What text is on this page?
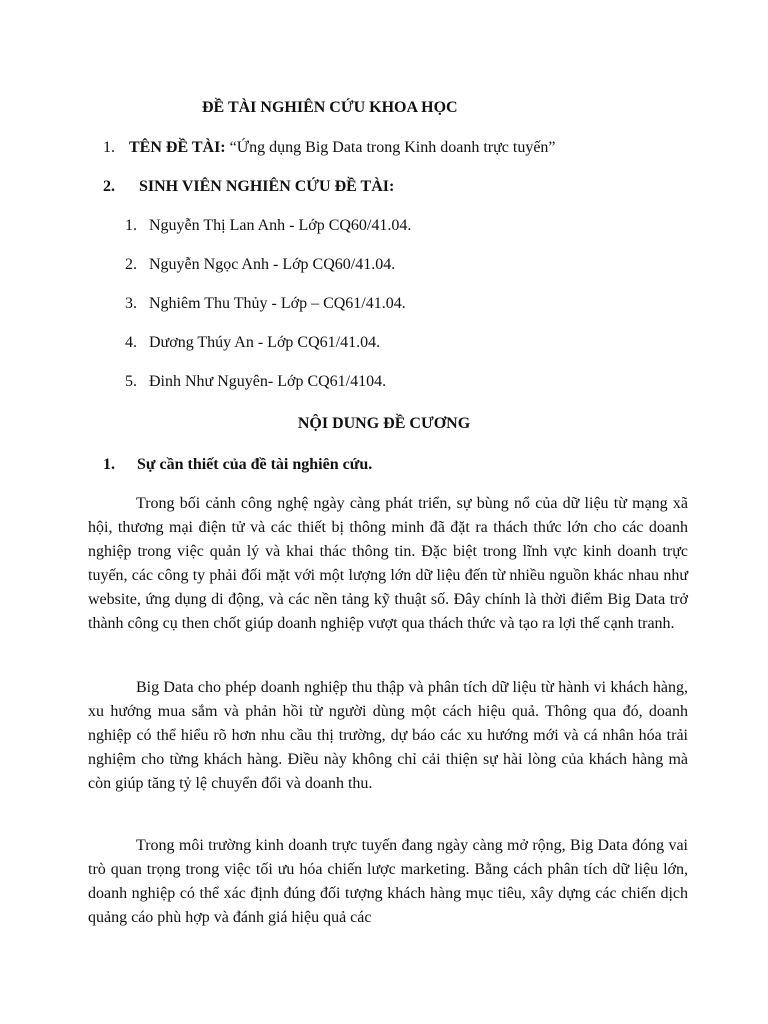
ĐỀ TÀI NGHIÊN CỨU KHOA HỌC
1. TÊN ĐỀ TÀI: “Ứng dụng Big Data trong Kinh doanh trực tuyến”
2. SINH VIÊN NGHIÊN CỨU ĐỀ TÀI:
1. Nguyễn Thị Lan Anh - Lớp CQ60/41.04.
2. Nguyễn Ngọc Anh - Lớp CQ60/41.04.
3. Nghiêm Thu Thủy - Lớp – CQ61/41.04.
4. Dương Thúy An - Lớp CQ61/41.04.
5. Đinh Như Nguyên- Lớp CQ61/4104.
NỘI DUNG ĐỀ CƯƠNG
1. Sự cần thiết của đề tài nghiên cứu.
Trong bối cảnh công nghệ ngày càng phát triển, sự bùng nổ của dữ liệu từ mạng xã hội, thương mại điện tử và các thiết bị thông minh đã đặt ra thách thức lớn cho các doanh nghiệp trong việc quản lý và khai thác thông tin. Đặc biệt trong lĩnh vực kinh doanh trực tuyến, các công ty phải đối mặt với một lượng lớn dữ liệu đến từ nhiều nguồn khác nhau như website, ứng dụng di động, và các nền tảng kỹ thuật số. Đây chính là thời điểm Big Data trở thành công cụ then chốt giúp doanh nghiệp vượt qua thách thức và tạo ra lợi thế cạnh tranh.
Big Data cho phép doanh nghiệp thu thập và phân tích dữ liệu từ hành vi khách hàng, xu hướng mua sắm và phản hồi từ người dùng một cách hiệu quả. Thông qua đó, doanh nghiệp có thể hiểu rõ hơn nhu cầu thị trường, dự báo các xu hướng mới và cá nhân hóa trải nghiệm cho từng khách hàng. Điều này không chỉ cải thiện sự hài lòng của khách hàng mà còn giúp tăng tỷ lệ chuyển đổi và doanh thu.
Trong môi trường kinh doanh trực tuyến đang ngày càng mở rộng, Big Data đóng vai trò quan trọng trong việc tối ưu hóa chiến lược marketing. Bằng cách phân tích dữ liệu lớn, doanh nghiệp có thể xác định đúng đối tượng khách hàng mục tiêu, xây dựng các chiến dịch quảng cáo phù hợp và đánh giá hiệu quả các
